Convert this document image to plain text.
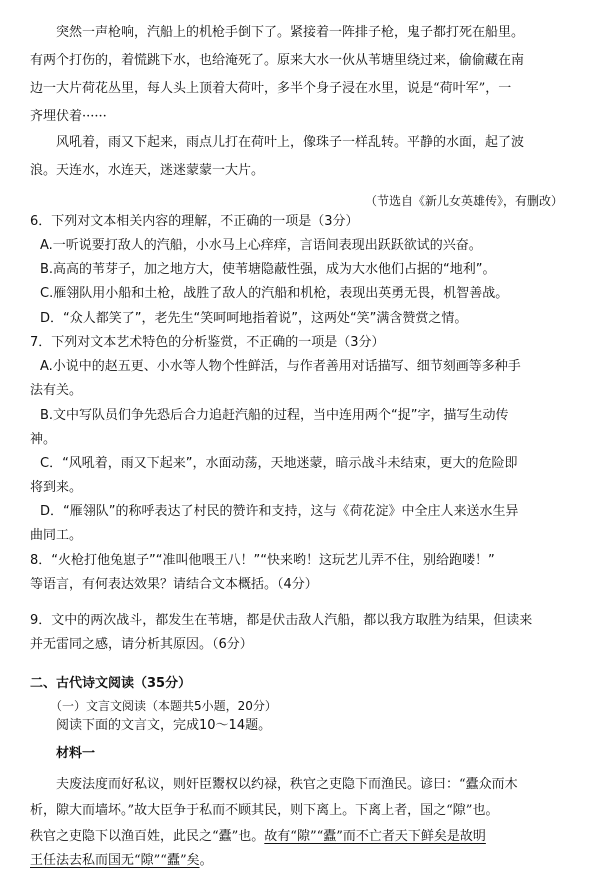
突然一声枪响，汽船上的机枪手倒下了。紧接着一阵排子枪，鬼子都打死在船里。
有两个打伤的，着慌跳下水，也给淹死了。原来大水一伙从苇塘里绕过来，偷偷藏在南
边一大片荷花丛里，每人头上顶着大荷叶，多半个身子浸在水里，说是“荷叶军”，一
齐埋伏着······
风吼着，雨又下起来，雨点儿打在荷叶上，像珠子一样乱转。平静的水面，起了波
浪。天连水，水连天，迷迷蒙蒙一大片。
（节选自《新儿女英雄传》，有删改）
6．下列对文本相关内容的理解，不正确的一项是（3分）
A.一听说要打敌人的汽船，小水马上心痒痒，言语间表现出跃跃欲试的兴奋。
B.高高的苇芽子，加之地方大，使苇塘隐蔽性强，成为大水他们占据的“地利”。
C.雁翎队用小船和土枪，战胜了敌人的汽船和机枪，表现出英勇无畏，机智善战。
D．“众人都笑了”，老先生“笑呵呵地指着说”，这两处“笑”满含赞赏之情。
7．下列对文本艺术特色的分析鉴赏，不正确的一项是（3分）
A.小说中的赵五更、小水等人物个性鲜活，与作者善用对话描写、细节刻画等多种手
法有关。
B.文中写队员们争先恐后合力追赶汽船的过程，当中连用两个“捉”字，描写生动传
神。
C．“风吼着，雨又下起来”，水面动荡，天地迷蒙，暗示战斗未结束，更大的危险即
将到来。
D．“雁翎队”的称呼表达了村民的赞许和支持，这与《荷花淀》中全庄人来送水生异
曲同工。
8．“火枪打他兔崽子”“准叫他喂王八！”“快来哟！这玩艺儿弄不住，别给跑喽！”
等语言，有何表达效果？请结合文本概括。（4分）
9．文中的两次战斗，都发生在苇塘，都是伏击敌人汽船，都以我方取胜为结果，但读来
并无雷同之感，请分析其原因。（6分）
二、古代诗文阅读（35分）
（一）文言文阅读（本题共5小题，20分）
阅读下面的文言文，完成10～14题。
材料一
夫废法度而好私议，则奸臣鬻权以约禄，秩官之吏隐下而渔民。谚曰：“蠹众而木
析，隙大而墙坏。”故大臣争于私而不顾其民，则下离上。下离上者，国之“隙”也。
秩官之吏隐下以渔百姓，此民之“蠹”也。故有“隙”“蠹”而不亡者天下鲜矣是故明
王任法去私而国无“隙”“蠹”矣。
